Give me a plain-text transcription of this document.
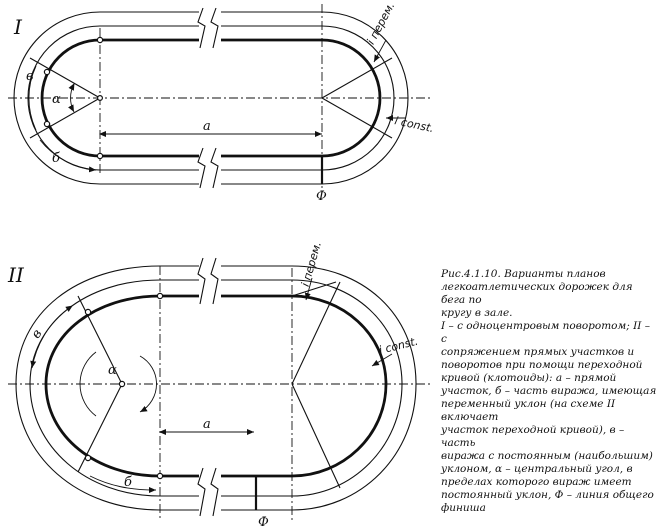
I
α
в
б
а
Ф
i перем.
i const.
II
α
в
б
а
Ф
i перем.
i const.
Рис.4.1.10. Варианты планов
легкоатлетических дорожек для бега по
кругу в зале.
I – с одноцентровым поворотом; II – с
сопряжением прямых участков и
поворотов при помощи переходной
кривой (клотоиды): а – прямой
участок, б – часть виража, имеющая
переменный уклон (на схеме II включает
участок переходной кривой), в – часть
виража с постоянным (наибольшим)
уклоном, α – центральный угол, в
пределах которого вираж имеет
постоянный уклон, Ф – линия общего
финиша
